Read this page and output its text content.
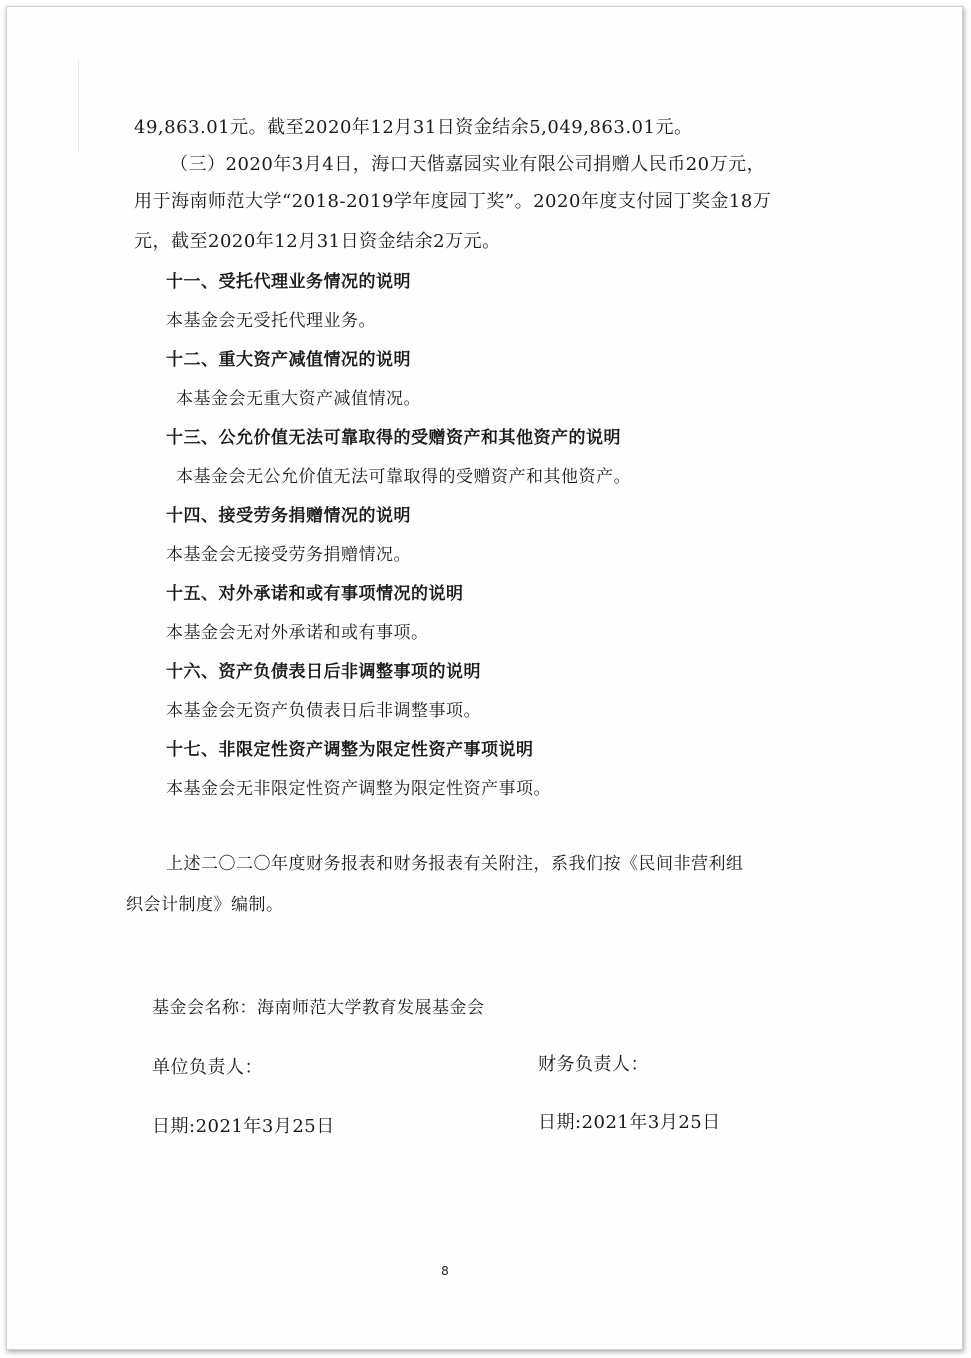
49,863.01元。截至2020年12月31日资金结余5,049,863.01元。
（三）2020年3月4日，海口天偕嘉园实业有限公司捐赠人民币20万元，
用于海南师范大学“2018-2019学年度园丁奖”。2020年度支付园丁奖金18万
元，截至2020年12月31日资金结余2万元。
十一、受托代理业务情况的说明
本基金会无受托代理业务。
十二、重大资产减值情况的说明
本基金会无重大资产减值情况。
十三、公允价值无法可靠取得的受赠资产和其他资产的说明
本基金会无公允价值无法可靠取得的受赠资产和其他资产。
十四、接受劳务捐赠情况的说明
本基金会无接受劳务捐赠情况。
十五、对外承诺和或有事项情况的说明
本基金会无对外承诺和或有事项。
十六、资产负债表日后非调整事项的说明
本基金会无资产负债表日后非调整事项。
十七、非限定性资产调整为限定性资产事项说明
本基金会无非限定性资产调整为限定性资产事项。
上述二〇二〇年度财务报表和财务报表有关附注，系我们按《民间非营利组
织会计制度》编制。
基金会名称：海南师范大学教育发展基金会
单位负责人：	财务负责人：
日期:2021年3月25日	日期:2021年3月25日
8
